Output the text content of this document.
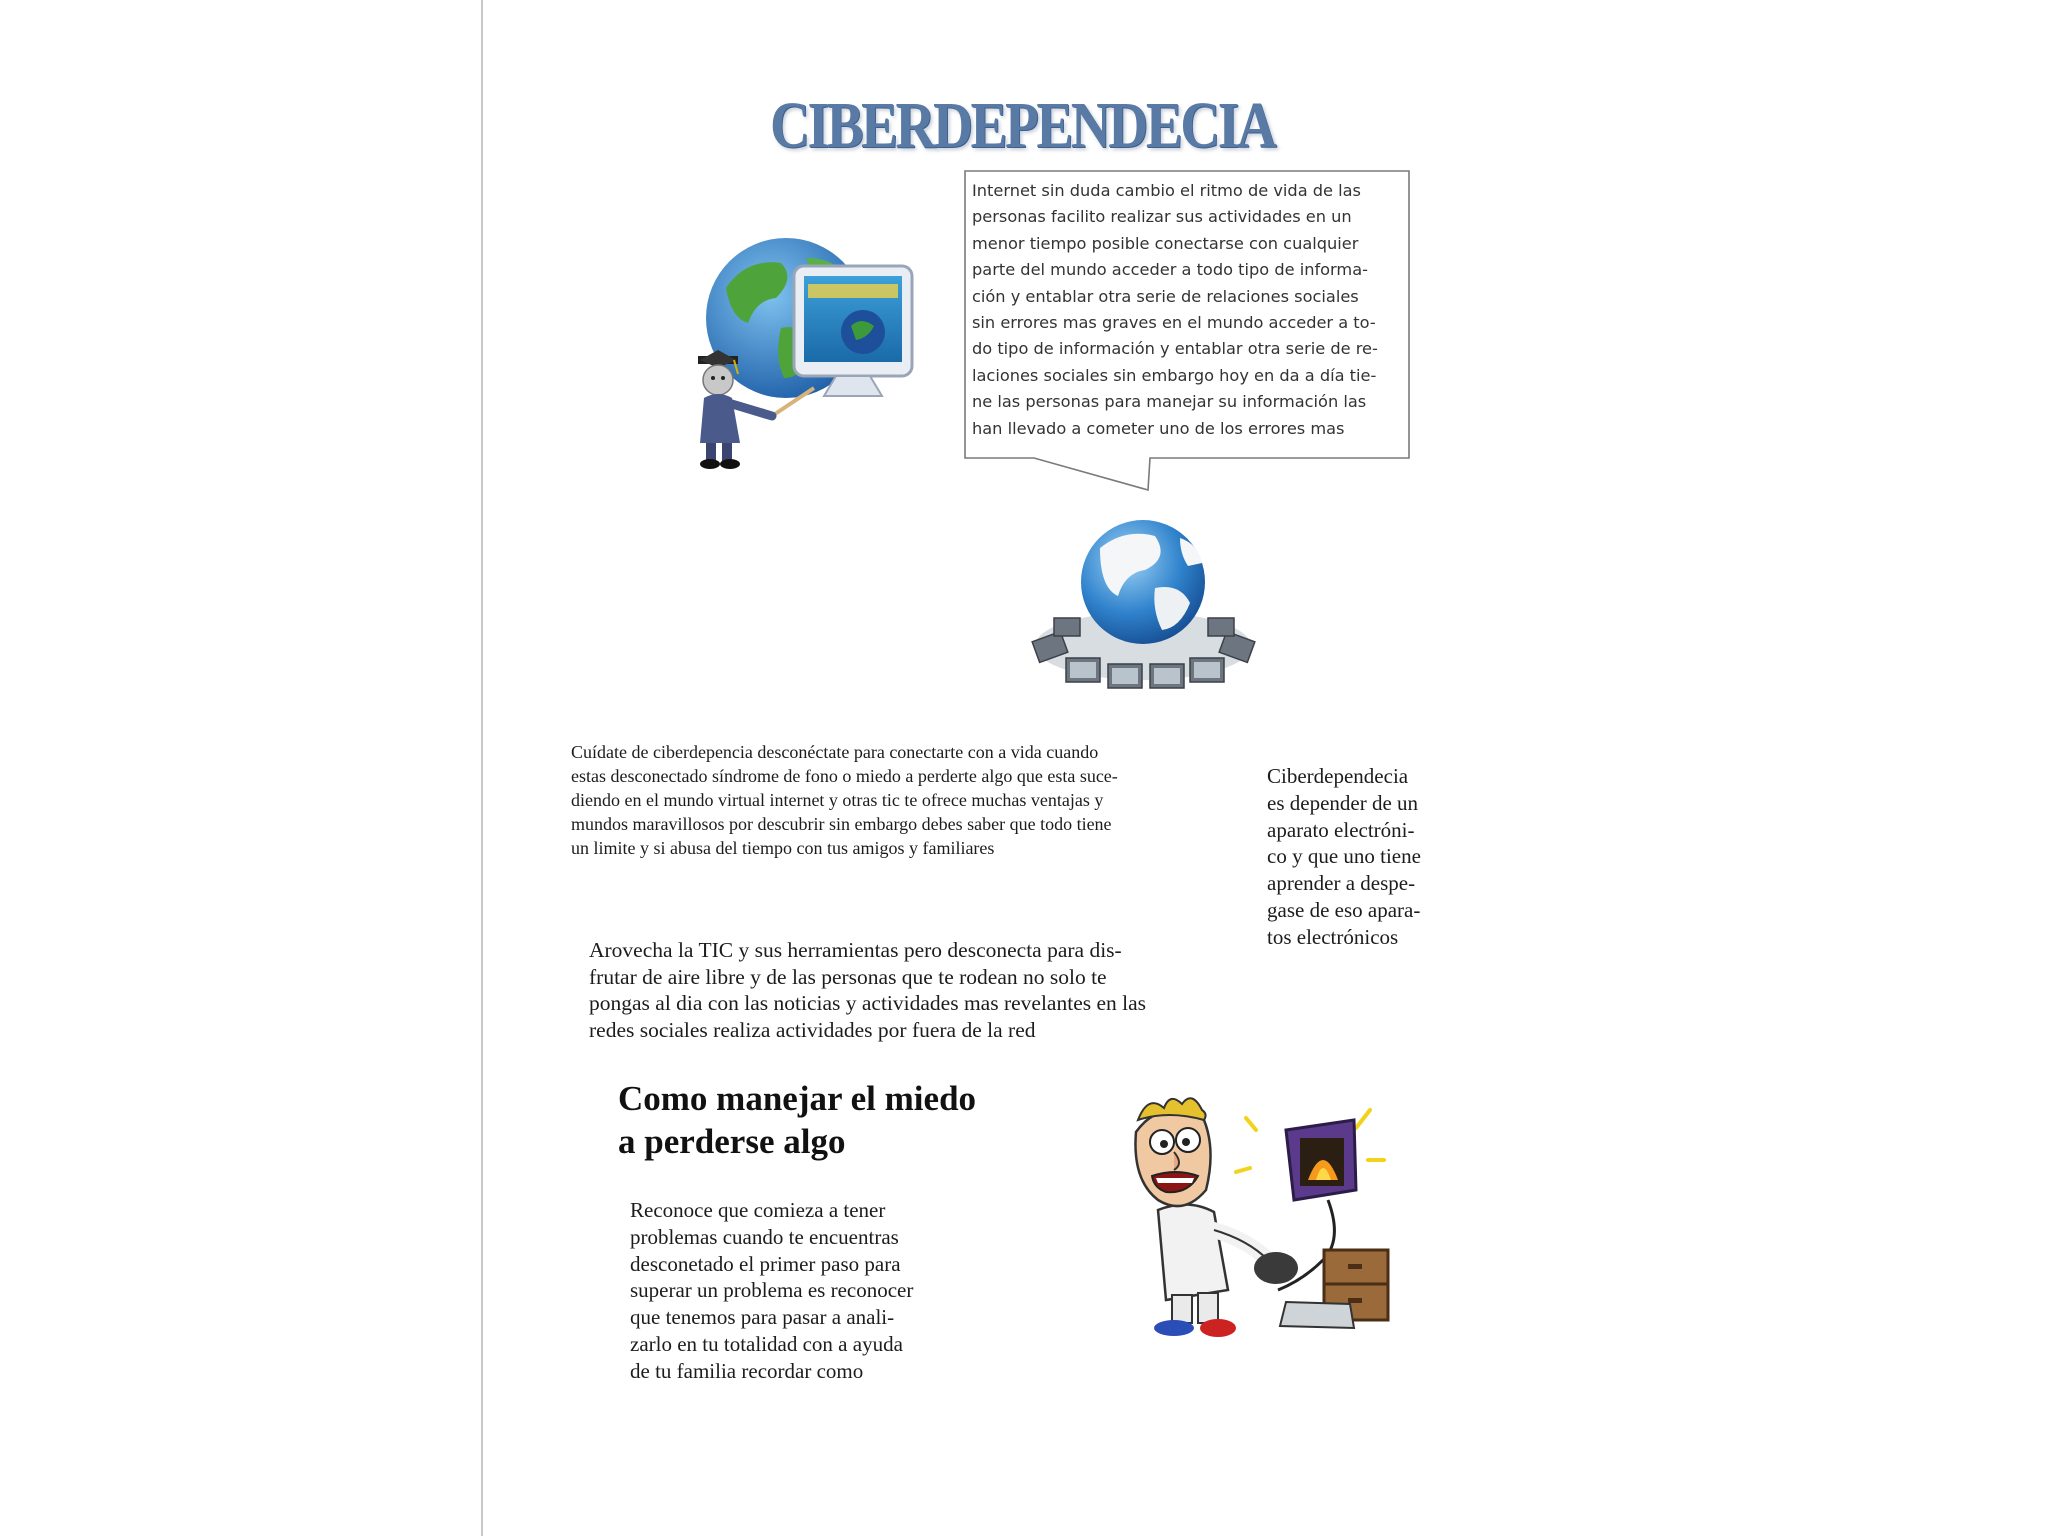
CIBERDEPENDECIA

Internet sin duda cambio el ritmo de vida de las
personas facilito realizar sus actividades en un
menor tiempo posible conectarse con cualquier
parte del mundo acceder a todo tipo de informa-
ción y entablar otra serie de relaciones sociales
sin errores mas graves en el mundo acceder a to-
do tipo de información y entablar otra serie de re-
laciones sociales sin embargo hoy en da a día tie-
ne las personas para manejar su información las
han llevado a cometer uno de los errores mas

Cuídate de ciberdepencia desconéctate para conectarte con a vida cuando
estas desconectado síndrome de fono o miedo a perderte algo que esta suce-
diendo en el mundo virtual internet y otras tic te ofrece muchas ventajas y
mundos maravillosos por descubrir sin embargo debes saber que todo tiene
un limite y si abusa del tiempo con tus amigos y familiares

Ciberdependecia
es depender de un
aparato electróni-
co y que uno tiene
aprender a despe-
gase de eso apara-
tos electrónicos

Arovecha la TIC y sus herramientas pero desconecta para dis-
frutar de aire libre y de las personas que te rodean no solo te
pongas al dia con las noticias y actividades mas revelantes en las
redes sociales realiza actividades por fuera de la red

Como manejar el miedo
a perderse algo

Reconoce que comieza a tener
problemas cuando te encuentras
desconetado el primer paso para
superar un problema es reconocer
que tenemos para pasar a anali-
zarlo en tu totalidad con a ayuda
de tu familia recordar como
